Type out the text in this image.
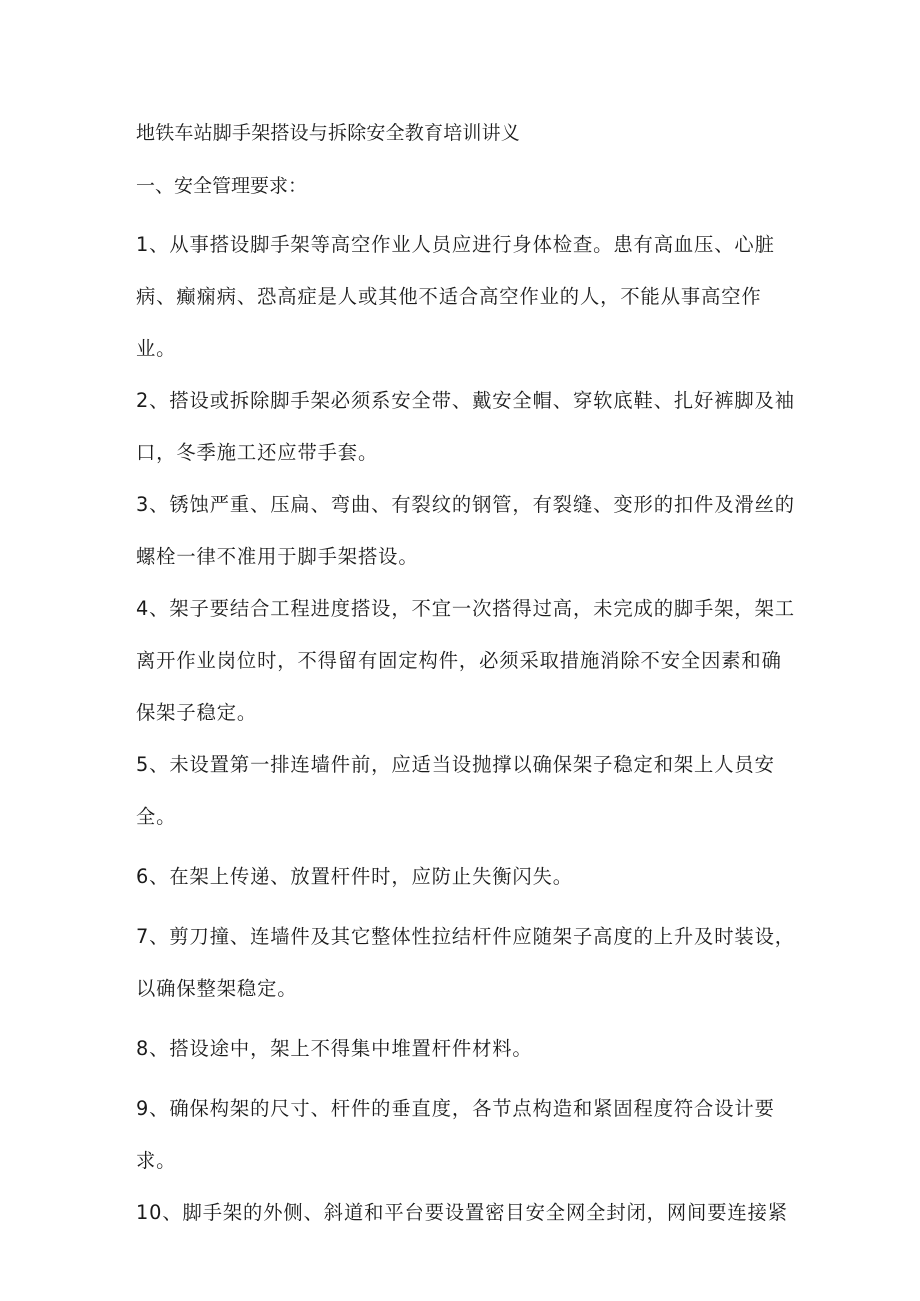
地铁车站脚手架搭设与拆除安全教育培训讲义
一、安全管理要求：

1、从事搭设脚手架等高空作业人员应进行身体检查。患有高血压、心脏病、癫痫病、恐高症是人或其他不适合高空作业的人，不能从事高空作业。

2、搭设或拆除脚手架必须系安全带、戴安全帽、穿软底鞋、扎好裤脚及袖口，冬季施工还应带手套。

3、锈蚀严重、压扁、弯曲、有裂纹的钢管，有裂缝、变形的扣件及滑丝的螺栓一律不准用于脚手架搭设。

4、架子要结合工程进度搭设，不宜一次搭得过高，未完成的脚手架，架工离开作业岗位时，不得留有固定构件，必须采取措施消除不安全因素和确保架子稳定。

5、未设置第一排连墙件前，应适当设抛撑以确保架子稳定和架上人员安全。

6、在架上传递、放置杆件时，应防止失衡闪失。

7、剪刀撞、连墙件及其它整体性拉结杆件应随架子高度的上升及时装设，以确保整架稳定。

8、搭设途中，架上不得集中堆置杆件材料。

9、确保构架的尺寸、杆件的垂直度，各节点构造和紧固程度符合设计要求。

10、脚手架的外侧、斜道和平台要设置密目安全网全封闭，网间要连接紧
